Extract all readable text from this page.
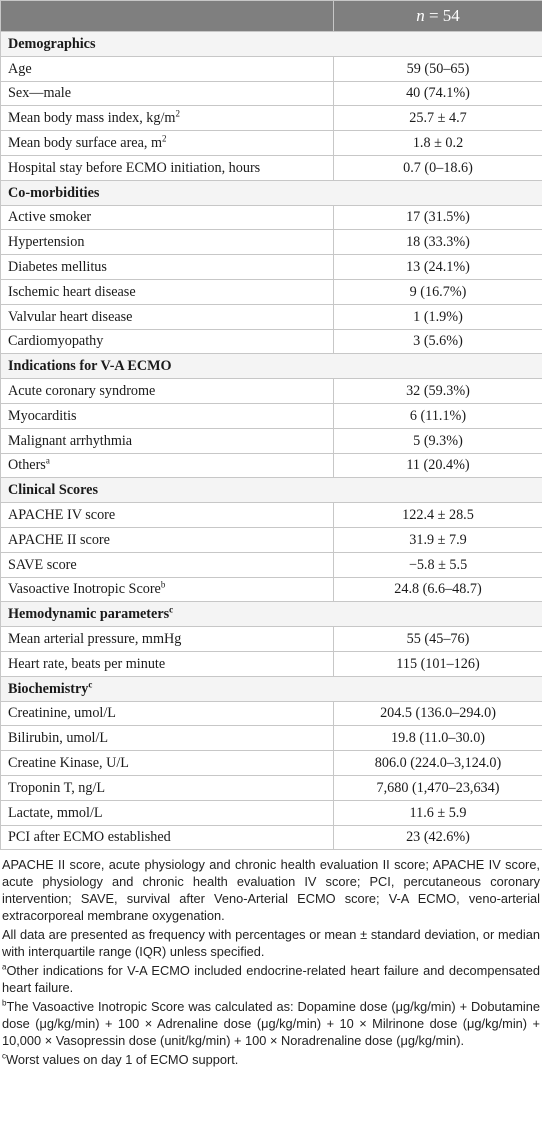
	n = 54
Demographics	
Age	59 (50–65)
Sex—male	40 (74.1%)
Mean body mass index, $kg/m^2$	25.7 ± 4.7
Mean body surface area, $m^2$	1.8 ± 0.2
Hospital stay before ECMO initiation, hours	0.7 (0–18.6)
Co-morbidities	
Active smoker	17 (31.5%)
Hypertension	18 (33.3%)
Diabetes mellitus	13 (24.1%)
Ischemic heart disease	9 (16.7%)
Valvular heart disease	1 (1.9%)
Cardiomyopathy	3 (5.6%)
Indications for V-A ECMO	
Acute coronary syndrome	32 (59.3%)
Myocarditis	6 (11.1%)
Malignant arrhythmia	5 (9.3%)
Others$^a$	11 (20.4%)
Clinical Scores	
APACHE IV score	122.4 ± 28.5
APACHE II score	31.9 ± 7.9
SAVE score	−5.8 ± 5.5
Vasoactive Inotropic Score$^b$	24.8 (6.6–48.7)
Hemodynamic parameters$^c$
Mean arterial pressure, mmHg	55 (45–76)
Heart rate, beats per minute	115 (101–126)
Biochemistry$^c$
Creatinine, umol/L	204.5 (136.0–294.0)
Bilirubin, umol/L	19.8 (11.0–30.0)
Creatine Kinase, U/L	806.0 (224.0–3,124.0)
Troponin T, ng/L	7,680 (1,470–23,634)
Lactate, mmol/L	11.6 ± 5.9
PCI after ECMO established	23 (42.6%)

APACHE II score, acute physiology and chronic health evaluation II score; APACHE IV score, acute physiology and chronic health evaluation IV score; PCI, percutaneous coronary intervention; SAVE, survival after Veno-Arterial ECMO score; V-A ECMO, veno-arterial extracorporeal membrane oxygenation.

All data are presented as frequency with percentages or mean ± standard deviation, or median with interquartile range (IQR) unless specified.

$^a$Other indications for V-A ECMO included endocrine-related heart failure and decompensated heart failure.

$^b$The Vasoactive Inotropic Score was calculated as: Dopamine dose (μg/kg/min) + Dobutamine dose (μg/kg/min) + 100 × Adrenaline dose (μg/kg/min) + 10 × Milrinone dose (μg/kg/min) + 10,000 × Vasopressin dose (unit/kg/min) + 100 × Noradrenaline dose (μg/kg/min).

$^c$Worst values on day 1 of ECMO support.
